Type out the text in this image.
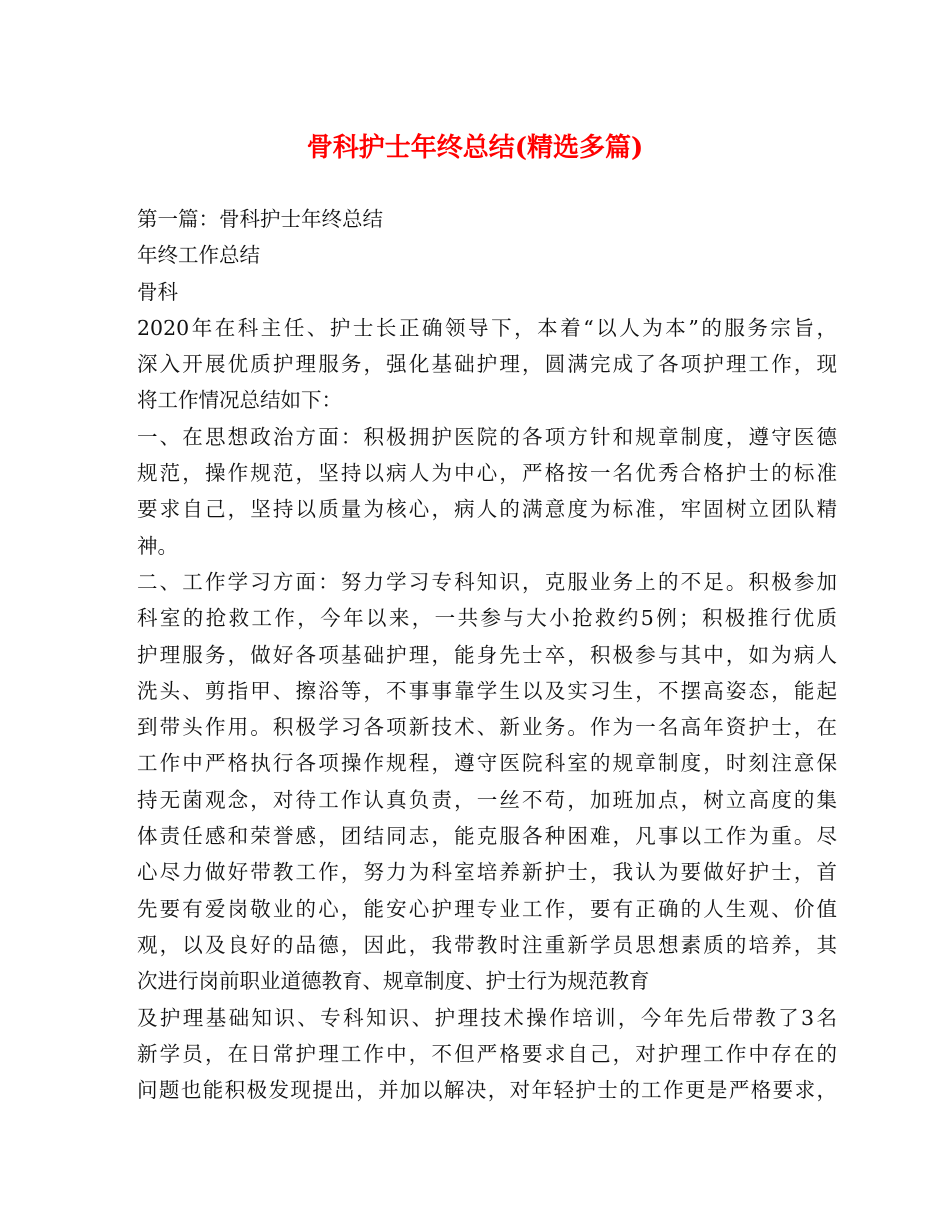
骨科护士年终总结(精选多篇)
第一篇：骨科护士年终总结
年终工作总结
骨科
2020年在科主任、护士长正确领导下，本着“以人为本”的服务宗旨，
深入开展优质护理服务，强化基础护理，圆满完成了各项护理工作，现
将工作情况总结如下：
一、在思想政治方面：积极拥护医院的各项方针和规章制度，遵守医德
规范，操作规范，坚持以病人为中心，严格按一名优秀合格护士的标准
要求自己，坚持以质量为核心，病人的满意度为标准，牢固树立团队精
神。
二、工作学习方面：努力学习专科知识，克服业务上的不足。积极参加
科室的抢救工作，今年以来，一共参与大小抢救约5例；积极推行优质
护理服务，做好各项基础护理，能身先士卒，积极参与其中，如为病人
洗头、剪指甲、擦浴等，不事事靠学生以及实习生，不摆高姿态，能起
到带头作用。积极学习各项新技术、新业务。作为一名高年资护士，在
工作中严格执行各项操作规程，遵守医院科室的规章制度，时刻注意保
持无菌观念，对待工作认真负责，一丝不苟，加班加点，树立高度的集
体责任感和荣誉感，团结同志，能克服各种困难，凡事以工作为重。尽
心尽力做好带教工作，努力为科室培养新护士，我认为要做好护士，首
先要有爱岗敬业的心，能安心护理专业工作，要有正确的人生观、价值
观，以及良好的品德，因此，我带教时注重新学员思想素质的培养，其
次进行岗前职业道德教育、规章制度、护士行为规范教育
及护理基础知识、专科知识、护理技术操作培训，今年先后带教了3名
新学员，在日常护理工作中，不但严格要求自己，对护理工作中存在的
问题也能积极发现提出，并加以解决，对年轻护士的工作更是严格要求，
